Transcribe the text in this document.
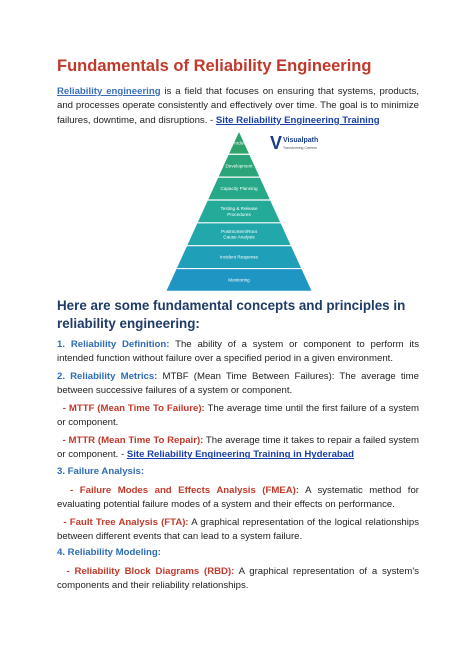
Fundamentals of Reliability Engineering
Reliability engineering is a field that focuses on ensuring that systems, products, and processes operate consistently and effectively over time. The goal is to minimize failures, downtime, and disruptions. - Site Reliability Engineering Training
Product
Development
Capacity Planning
Testing & Release Procedures
Postmortem/Root Cause Analysis
Incident Response
Monitoring
V Visualpath
Transforming Careers
Here are some fundamental concepts and principles in reliability engineering:
1. Reliability Definition: The ability of a system or component to perform its intended function without failure over a specified period in a given environment.
2. Reliability Metrics: MTBF (Mean Time Between Failures): The average time between successive failures of a system or component.
- MTTF (Mean Time To Failure): The average time until the first failure of a system or component.
- MTTR (Mean Time To Repair): The average time it takes to repair a failed system or component. - Site Reliability Engineering Training in Hyderabad
3. Failure Analysis:
- Failure Modes and Effects Analysis (FMEA): A systematic method for evaluating potential failure modes of a system and their effects on performance.
- Fault Tree Analysis (FTA): A graphical representation of the logical relationships between different events that can lead to a system failure.
4. Reliability Modeling:
- Reliability Block Diagrams (RBD): A graphical representation of a system's components and their reliability relationships.
